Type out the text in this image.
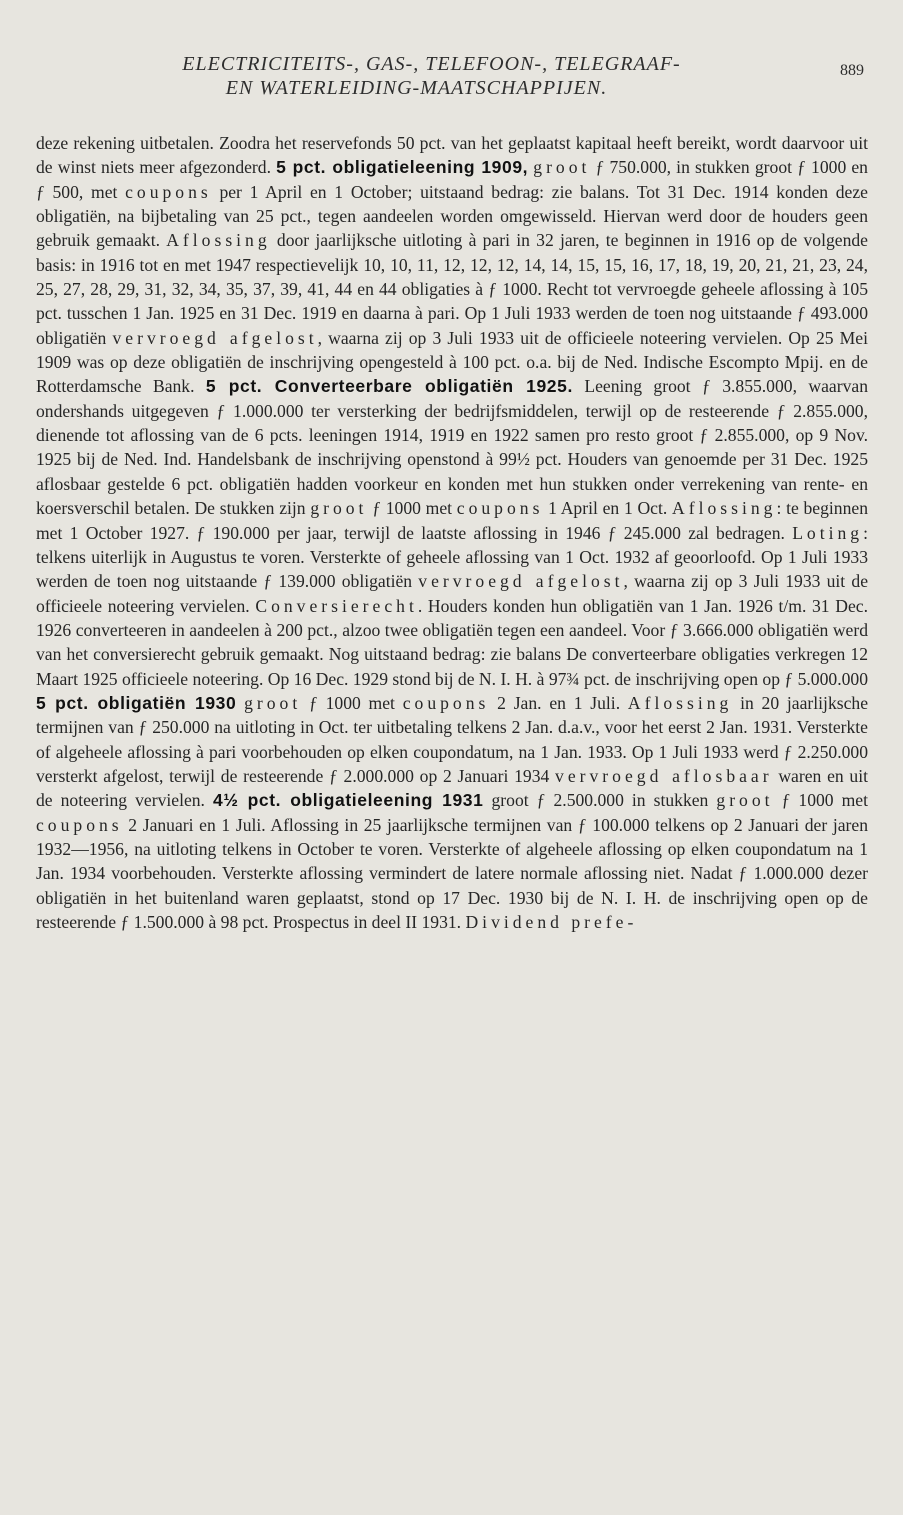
ELECTRICITEITS-, GAS-, TELEFOON-, TELEGRAAF-
EN WATERLEIDING-MAATSCHAPPIJEN.
889
deze rekening uitbetalen. Zoodra het reservefonds 50 pct. van het geplaatst kapitaal heeft bereikt, wordt daarvoor uit de winst niets meer afgezonderd. 5 pct. obligatieleening 1909, groot ƒ 750.000, in stukken groot ƒ 1000 en ƒ 500, met coupons per 1 April en 1 October; uitstaand bedrag: zie balans. Tot 31 Dec. 1914 konden deze obligatiën, na bijbetaling van 25 pct., tegen aandeelen worden omgewisseld. Hiervan werd door de houders geen gebruik gemaakt. Aflossing door jaarlijksche uitloting à pari in 32 jaren, te beginnen in 1916 op de volgende basis: in 1916 tot en met 1947 respectievelijk 10, 10, 11, 12, 12, 12, 14, 14, 15, 15, 16, 17, 18, 19, 20, 21, 21, 23, 24, 25, 27, 28, 29, 31, 32, 34, 35, 37, 39, 41, 44 en 44 obligaties à ƒ 1000. Recht tot vervroegde geheele aflossing à 105 pct. tusschen 1 Jan. 1925 en 31 Dec. 1919 en daarna à pari. Op 1 Juli 1933 werden de toen nog uitstaande ƒ 493.000 obligatiën vervroegd afgelost, waarna zij op 3 Juli 1933 uit de officieele noteering vervielen. Op 25 Mei 1909 was op deze obligatiën de inschrijving opengesteld à 100 pct. o.a. bij de Ned. Indische Escompto Mpij. en de Rotterdamsche Bank. 5 pct. Converteerbare obligatiën 1925. Leening groot ƒ 3.855.000, waarvan ondershands uitgegeven ƒ 1.000.000 ter versterking der bedrijfsmiddelen, terwijl op de resteerende ƒ 2.855.000, dienende tot aflossing van de 6 pcts. leeningen 1914, 1919 en 1922 samen pro resto groot ƒ 2.855.000, op 9 Nov. 1925 bij de Ned. Ind. Handelsbank de inschrijving openstond à 99½ pct. Houders van genoemde per 31 Dec. 1925 aflosbaar gestelde 6 pct. obligatiën hadden voorkeur en konden met hun stukken onder verrekening van rente- en koersverschil betalen. De stukken zijn groot ƒ 1000 met coupons 1 April en 1 Oct. Aflossing: te beginnen met 1 October 1927. ƒ 190.000 per jaar, terwijl de laatste aflossing in 1946 ƒ 245.000 zal bedragen. Loting: telkens uiterlijk in Augustus te voren. Versterkte of geheele aflossing van 1 Oct. 1932 af geoorloofd. Op 1 Juli 1933 werden de toen nog uitstaande ƒ 139.000 obligatiën vervroegd afgelost, waarna zij op 3 Juli 1933 uit de officieele noteering vervielen. Conversierecht. Houders konden hun obligatiën van 1 Jan. 1926 t/m. 31 Dec. 1926 converteeren in aandeelen à 200 pct., alzoo twee obligatiën tegen een aandeel. Voor ƒ 3.666.000 obligatiën werd van het conversierecht gebruik gemaakt. Nog uitstaand bedrag: zie balans De converteerbare obligaties verkregen 12 Maart 1925 officieele noteering. Op 16 Dec. 1929 stond bij de N. I. H. à 97¾ pct. de inschrijving open op ƒ 5.000.000 5 pct. obligatiën 1930 groot ƒ 1000 met coupons 2 Jan. en 1 Juli. Aflossing in 20 jaarlijksche termijnen van ƒ 250.000 na uitloting in Oct. ter uitbetaling telkens 2 Jan. d.a.v., voor het eerst 2 Jan. 1931. Versterkte of algeheele aflossing à pari voorbehouden op elken coupondatum, na 1 Jan. 1933. Op 1 Juli 1933 werd ƒ 2.250.000 versterkt afgelost, terwijl de resteerende ƒ 2.000.000 op 2 Januari 1934 vervroegd aflosbaar waren en uit de noteering vervielen. 4½ pct. obligatieleening 1931 groot ƒ 2.500.000 in stukken groot ƒ 1000 met coupons 2 Januari en 1 Juli. Aflossing in 25 jaarlijksche termijnen van ƒ 100.000 telkens op 2 Januari der jaren 1932—1956, na uitloting telkens in October te voren. Versterkte of algeheele aflossing op elken coupondatum na 1 Jan. 1934 voorbehouden. Versterkte aflossing vermindert de latere normale aflossing niet. Nadat ƒ 1.000.000 dezer obligatiën in het buitenland waren geplaatst, stond op 17 Dec. 1930 bij de N. I. H. de inschrijving open op de resteerende ƒ 1.500.000 à 98 pct. Prospectus in deel II 1931. Dividend prefe-
